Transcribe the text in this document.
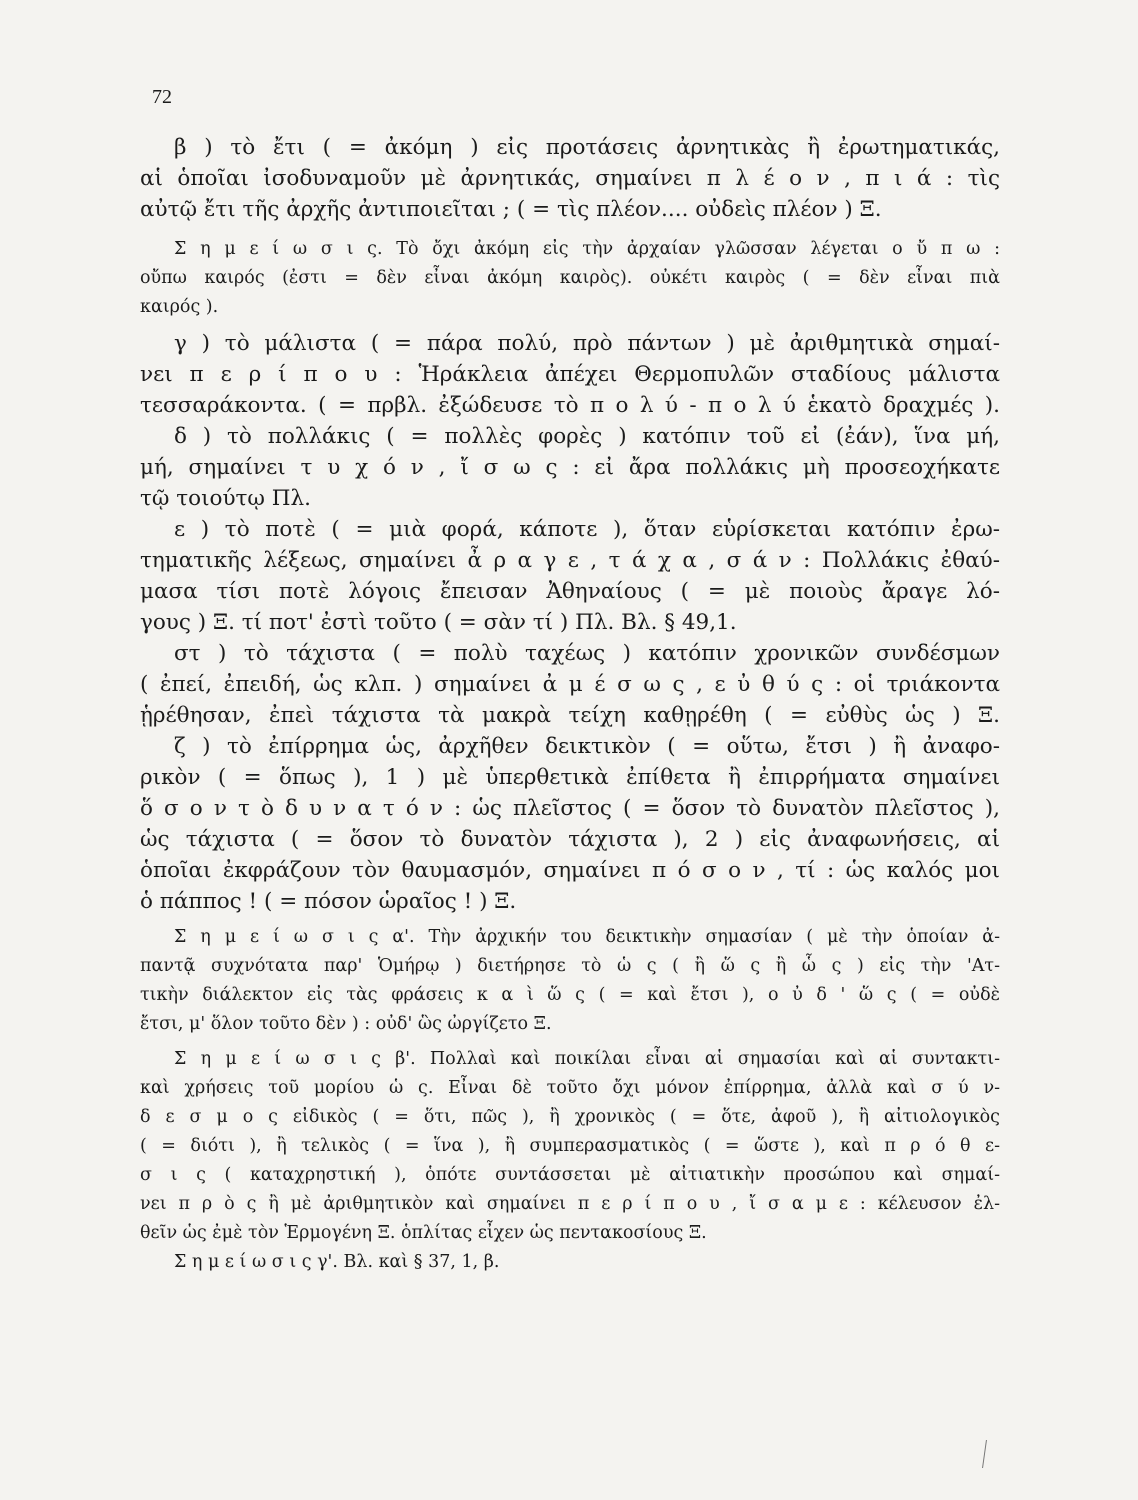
72
β ) τὸ ἔτι ( = ἀκόμη ) εἰς προτάσεις ἀρνητικὰς ἢ ἐρωτηματικάς,
αἱ ὁποῖαι ἰσοδυναμοῦν μὲ ἀρνητικάς, σημαίνει π λ έ ο ν , π ι ά : τὶς
αὐτῷ ἔτι τῆς ἀρχῆς ἀντιποιεῖται ; ( = τὶς πλέον.... οὐδεὶς πλέον ) Ξ.
Σ η μ ε ί ω σ ι ς. Τὸ ὄχι ἀκόμη εἰς τὴν ἀρχαίαν γλῶσσαν λέγεται ο ὔ π ω :
οὔπω καιρός (ἐστι = δὲν εἶναι ἀκόμη καιρὸς). οὐκέτι καιρὸς ( = δὲν εἶναι πιὰ
καιρός ).
γ ) τὸ μάλιστα ( = πάρα πολύ, πρὸ πάντων ) μὲ ἀριθμητικὰ σημαί-
νει π ε ρ ί π ο υ : Ἡράκλεια ἀπέχει Θερμοπυλῶν σταδίους μάλιστα
τεσσαράκοντα. ( = πρβλ. ἐξώδευσε τὸ π ο λ ύ - π ο λ ύ ἑκατὸ δραχμές ).
δ ) τὸ πολλάκις ( = πολλὲς φορὲς ) κατόπιν τοῦ εἰ (ἐάν), ἵνα μή,
μή, σημαίνει τ υ χ ό ν , ἴ σ ω ς : εἰ ἄρα πολλάκις μὴ προσεοχήκατε
τῷ τοιούτῳ Πλ.
ε ) τὸ ποτὲ ( = μιὰ φορά, κάποτε ), ὅταν εὑρίσκεται κατόπιν ἐρω-
τηματικῆς λέξεως, σημαίνει ἆ ρ α γ ε , τ ά χ α , σ ά ν : Πολλάκις ἐθαύ-
μασα τίσι ποτὲ λόγοις ἔπεισαν Ἀθηναίους ( = μὲ ποιοὺς ἄραγε λό-
γους ) Ξ. τί ποτ' ἐστὶ τοῦτο ( = σὰν τί ) Πλ. Βλ. § 49,1.
στ ) τὸ τάχιστα ( = πολὺ ταχέως ) κατόπιν χρονικῶν συνδέσμων
( ἐπεί, ἐπειδή, ὡς κλπ. ) σημαίνει ἀ μ έ σ ω ς , ε ὐ θ ύ ς : οἱ τριάκοντα
ᾑρέθησαν, ἐπεὶ τάχιστα τὰ μακρὰ τείχη καθῃρέθη ( = εὐθὺς ὡς ) Ξ.
ζ ) τὸ ἐπίρρημα ὡς, ἀρχῆθεν δεικτικὸν ( = οὕτω, ἔτσι ) ἢ ἀναφο-
ρικὸν ( = ὅπως ), 1 ) μὲ ὑπερθετικὰ ἐπίθετα ἢ ἐπιρρήματα σημαίνει
ὅ σ ο ν τ ὸ δ υ ν α τ ό ν : ὡς πλεῖστος ( = ὅσον τὸ δυνατὸν πλεῖστος ),
ὡς τάχιστα ( = ὅσον τὸ δυνατὸν τάχιστα ), 2 ) εἰς ἀναφωνήσεις, αἱ
ὁποῖαι ἐκφράζουν τὸν θαυμασμόν, σημαίνει π ό σ ο ν , τί : ὡς καλός μοι
ὁ πάππος ! ( = πόσον ὡραῖος ! ) Ξ.
Σ η μ ε ί ω σ ι ς α'. Τὴν ἀρχικήν του δεικτικὴν σημασίαν ( μὲ τὴν ὁποίαν ἀ-
παντᾷ συχνότατα παρ' Ὁμήρῳ ) διετήρησε τὸ ὡ ς ( ἢ ὥ ς ἢ ὧ ς ) εἰς τὴν 'Ατ-
τικὴν διάλεκτον εἰς τὰς φράσεις κ α ὶ ὥ ς ( = καὶ ἔτσι ), ο ὐ δ ' ὥ ς ( = οὐδὲ
ἔτσι, μ' ὅλον τοῦτο δὲν ) : οὐδ' ὣς ὠργίζετο Ξ.
Σ η μ ε ί ω σ ι ς β'. Πολλαὶ καὶ ποικίλαι εἶναι αἱ σημασίαι καὶ αἱ συντακτι-
καὶ χρήσεις τοῦ μορίου ὡ ς. Εἶναι δὲ τοῦτο ὄχι μόνον ἐπίρρημα, ἀλλὰ καὶ σ ύ ν-
δ ε σ μ ο ς εἰδικὸς ( = ὅτι, πῶς ), ἢ χρονικὸς ( = ὅτε, ἀφοῦ ), ἢ αἰτιολογικὸς
( = διότι ), ἢ τελικὸς ( = ἵνα ), ἢ συμπερασματικὸς ( = ὥστε ), καὶ π ρ ό θ ε-
σ ι ς ( καταχρηστική ), ὁπότε συντάσσεται μὲ αἰτιατικὴν προσώπου καὶ σημαί-
νει π ρ ὸ ς ἢ μὲ ἀριθμητικὸν καὶ σημαίνει π ε ρ ί π ο υ , ἴ σ α μ ε : κέλευσον ἐλ-
θεῖν ὡς ἐμὲ τὸν Ἑρμογένη Ξ. ὁπλίτας εἶχεν ὡς πεντακοσίους Ξ.
Σ η μ ε ί ω σ ι ς γ'. Βλ. καὶ § 37, 1, β.
